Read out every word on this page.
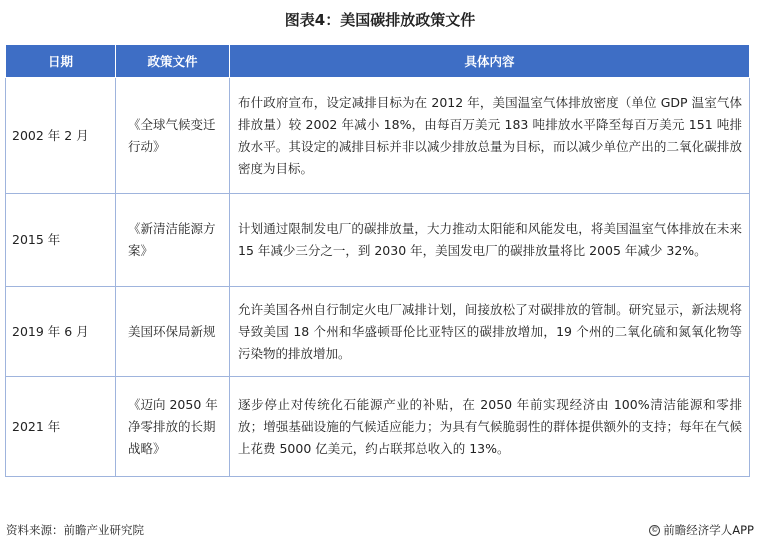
图表4：美国碳排放政策文件
日期	政策文件	具体内容
2002 年 2 月	《全球气候变迁行动》	布什政府宣布，设定减排目标为在 2012 年，美国温室气体排放密度（单位 GDP 温室气体排放量）较 2002 年减小 18%，由每百万美元 183 吨排放水平降至每百万美元 151 吨排放水平。其设定的减排目标并非以减少排放总量为目标，而以减少单位产出的二氧化碳排放密度为目标。
2015 年	《新清洁能源方案》	计划通过限制发电厂的碳排放量，大力推动太阳能和风能发电，将美国温室气体排放在未来 15 年减少三分之一，到 2030 年，美国发电厂的碳排放量将比 2005 年减少 32%。
2019 年 6 月	美国环保局新规	允许美国各州自行制定火电厂减排计划，间接放松了对碳排放的管制。研究显示，新法规将导致美国 18 个州和华盛顿哥伦比亚特区的碳排放增加，19 个州的二氧化硫和氮氧化物等污染物的排放增加。
2021 年	《迈向 2050 年净零排放的长期战略》	逐步停止对传统化石能源产业的补贴，在 2050 年前实现经济由 100%清洁能源和零排放；增强基础设施的气候适应能力；为具有气候脆弱性的群体提供额外的支持；每年在气候上花费 5000 亿美元，约占联邦总收入的 13%。
资料来源：前瞻产业研究院	© 前瞻经济学人APP
